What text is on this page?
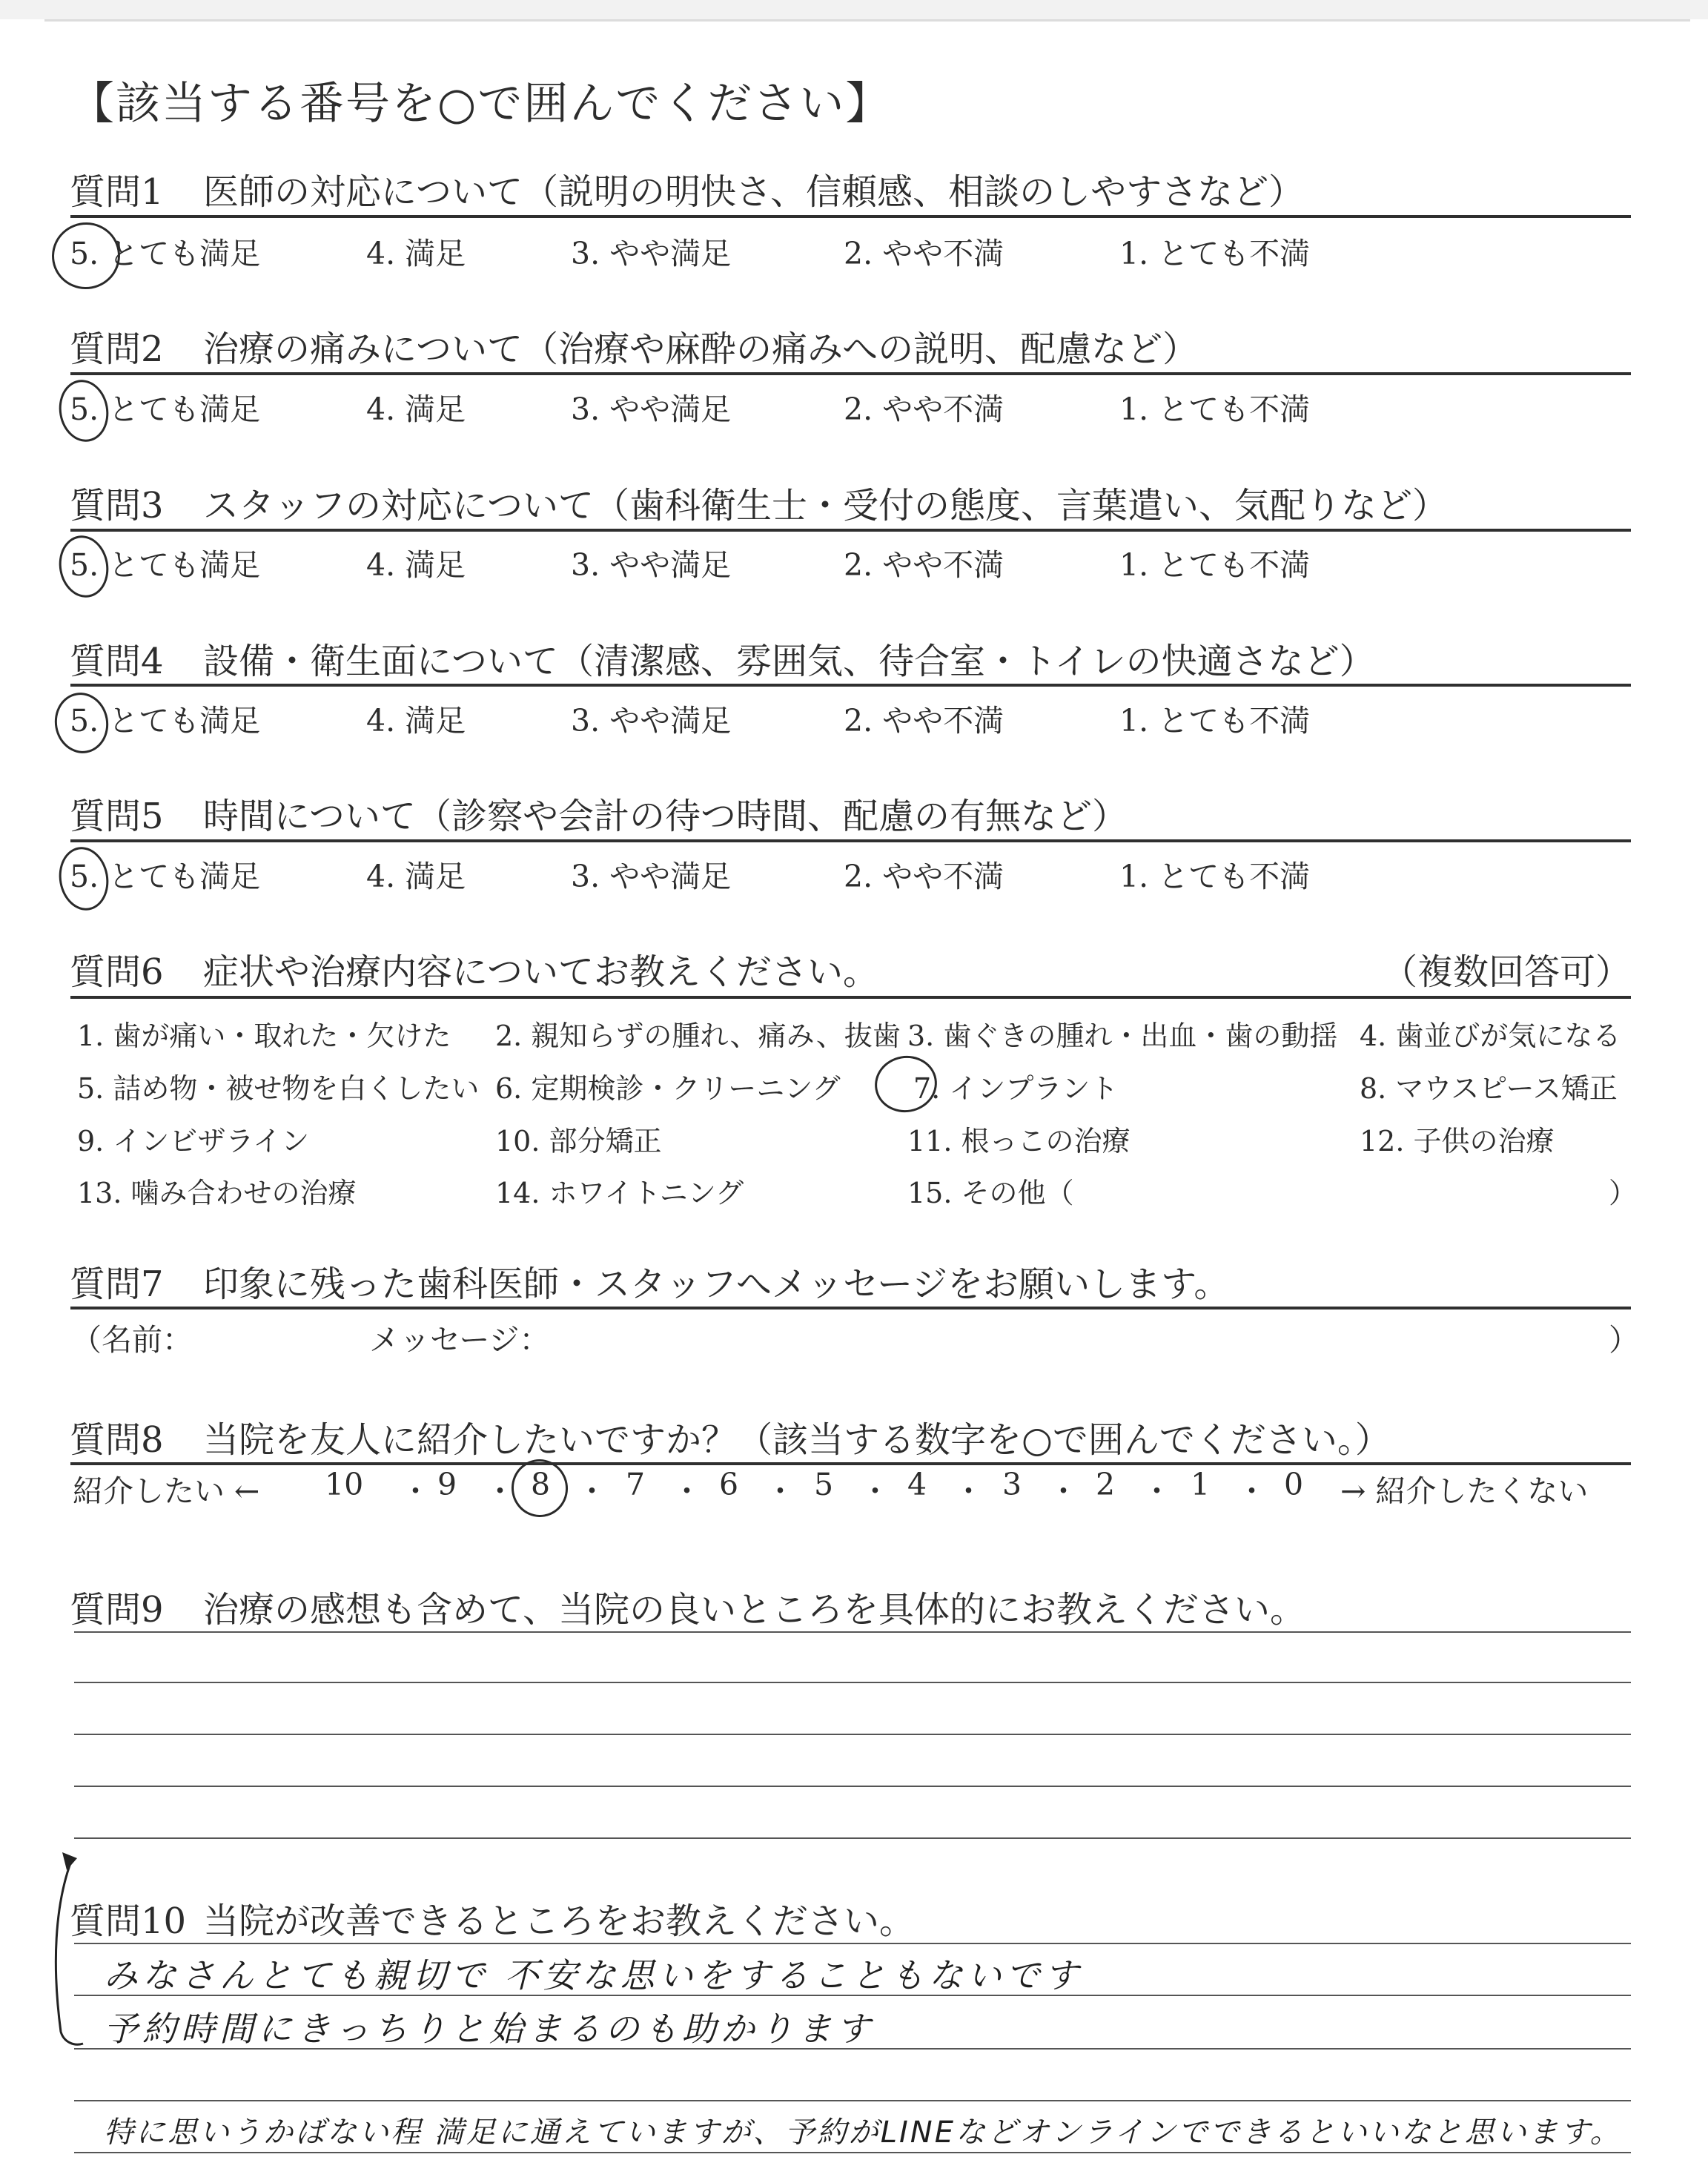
【該当する番号を○で囲んでください】
質問1 医師の対応について（説明の明快さ、信頼感、相談のしやすさなど）
5. とても満足	4. 満足	3. やや満足	2. やや不満	1. とても不満
質問2 治療の痛みについて（治療や麻酔の痛みへの説明、配慮など）
5. とても満足	4. 満足	3. やや満足	2. やや不満	1. とても不満
質問3 スタッフの対応について（歯科衛生士・受付の態度、言葉遣い、気配りなど）
5. とても満足	4. 満足	3. やや満足	2. やや不満	1. とても不満
質問4 設備・衛生面について（清潔感、雰囲気、待合室・トイレの快適さなど）
5. とても満足	4. 満足	3. やや満足	2. やや不満	1. とても不満
質問5 時間について（診察や会計の待つ時間、配慮の有無など）
5. とても満足	4. 満足	3. やや満足	2. やや不満	1. とても不満
質問6 症状や治療内容についてお教えください。	（複数回答可）
1. 歯が痛い・取れた・欠けた 2. 親知らずの腫れ、痛み、抜歯 3. 歯ぐきの腫れ・出血・歯の動揺 4. 歯並びが気になる
5. 詰め物・被せ物を白くしたい 6. 定期検診・クリーニング	7. インプラント	8. マウスピース矯正
9. インビザライン	10. 部分矯正	11. 根っこの治療	12. 子供の治療
13. 噛み合わせの治療	14. ホワイトニング	15. その他（	）
質問7 印象に残った歯科医師・スタッフへメッセージをお願いします。
（名前：	メッセージ：	）
質問8 当院を友人に紹介したいですか？（該当する数字を○で囲んでください。）
紹介したい ← 10 ・ 9 ・ 8 ・ 7 ・ 6 ・ 5 ・ 4 ・ 3 ・ 2 ・ 1 ・ 0 → 紹介したくない
質問9 治療の感想も含めて、当院の良いところを具体的にお教えください。
質問10 当院が改善できるところをお教えください。
みなさんとても親切で 不安な思いをすることもないです
予約時間にきっちりと始まるのも助かります
特に思いうかばない程 満足に通えていますが、予約がLINEなどオンラインでできるといいなと思います。
